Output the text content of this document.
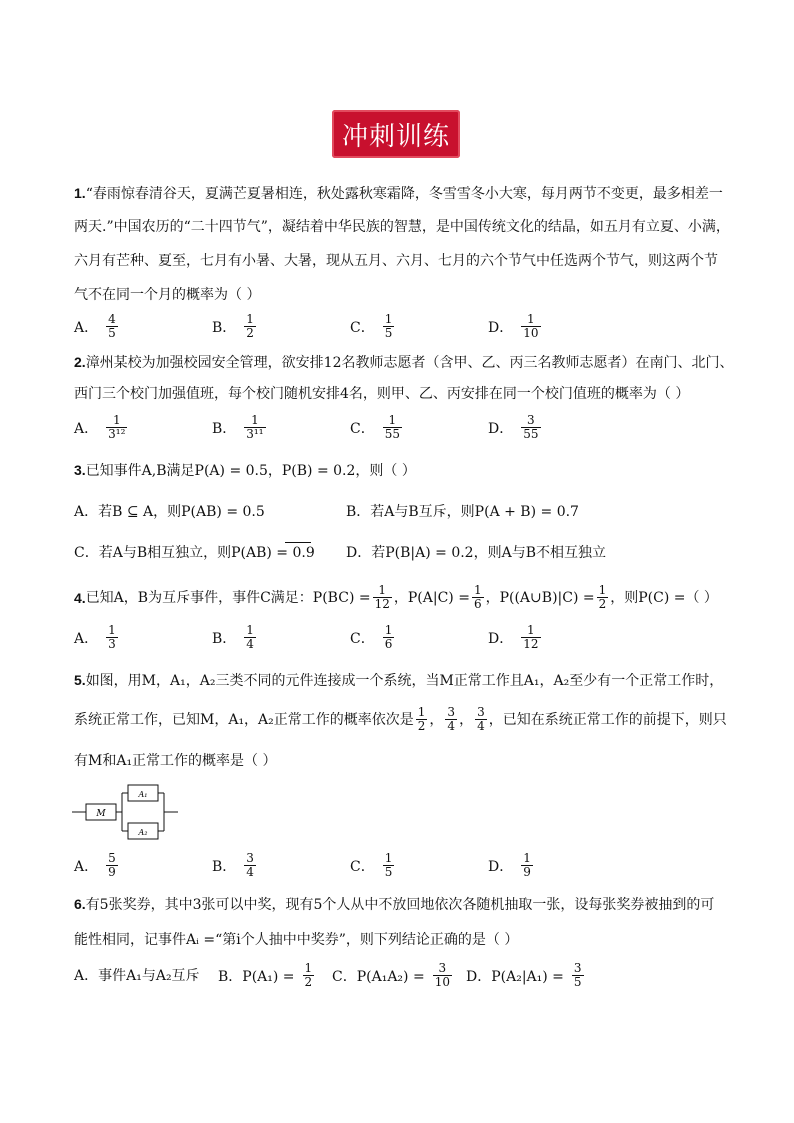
冲刺训练
1.“春雨惊春清谷天，夏满芒夏暑相连，秋处露秋寒霜降，冬雪雪冬小大寒，每月两节不变更，最多相差一
两天.”中国农历的“二十四节气”，凝结着中华民族的智慧，是中国传统文化的结晶，如五月有立夏、小满，
六月有芒种、夏至，七月有小暑、大暑，现从五月、六月、七月的六个节气中任选两个节气，则这两个节
气不在同一个月的概率为（ ）
A． $\frac{4}{5}$	B． $\frac{1}{2}$	C． $\frac{1}{5}$	D． $\frac{1}{10}$
2.漳州某校为加强校园安全管理，欲安排12名教师志愿者（含甲、乙、丙三名教师志愿者）在南门、北门、
西门三个校门加强值班，每个校门随机安排4名，则甲、乙、丙安排在同一个校门值班的概率为（ ）
A． $\frac{1}{\text{3¹²}}$	B． $\frac{1}{\text{3¹¹}}$	C． $\frac{1}{55}$	D． $\frac{3}{55}$
3.已知事件A,B满足P(A) = 0.5，P(B) = 0.2，则（ ）
A．若B ⊆ A，则P(AB) = 0.5	B．若A与B互斥，则P(A + B) = 0.7
C．若A与B相互独立，则P(AB) = 0.9 D．若P(B|A) = 0.2，则A与B不相互独立
4. 已知A，B为互斥事件，事件C满足：$P(BC) = \frac{1}{12}$ ，$P(A|C) = \frac{1}{6}$ ，P((A∪B)|C) = $\frac{1}{2}$ ，则P(C) =（ ）
A． $\frac{1}{3}$	B． $\frac{1}{4}$	C． $\frac{1}{6}$	D． $\frac{1}{12}$
5.如图，用M，A₁，A₂三类不同的元件连接成一个系统，当M正常工作且A₁，A₂至少有一个正常工作时，
系统正常工作，已知M，A₁，A₂正常工作的概率依次是 $\frac{1}{2}$ ， $\frac{3}{4}$ ， $\frac{3}{4}$ ，已知在系统正常工作的前提下，则只
有M和A₁正常工作的概率是（ ）
M
A₁
A₂
A． $\frac{5}{9}$	B． $\frac{3}{4}$	C． $\frac{1}{5}$	D． $\frac{1}{9}$
6.有5张奖券，其中3张可以中奖，现有5个人从中不放回地依次各随机抽取一张，设每张奖券被抽到的可
能性相同，记事件Aᵢ =“第i个人抽中中奖券”，则下列结论正确的是（ ）
A．事件A₁与A₂互斥 B．$P(A_1) = \frac{1}{2}$ C．$P(A_1A_2) = \frac{3}{10}$ D．$P(A_2|A_1) = \frac{3}{5}$
